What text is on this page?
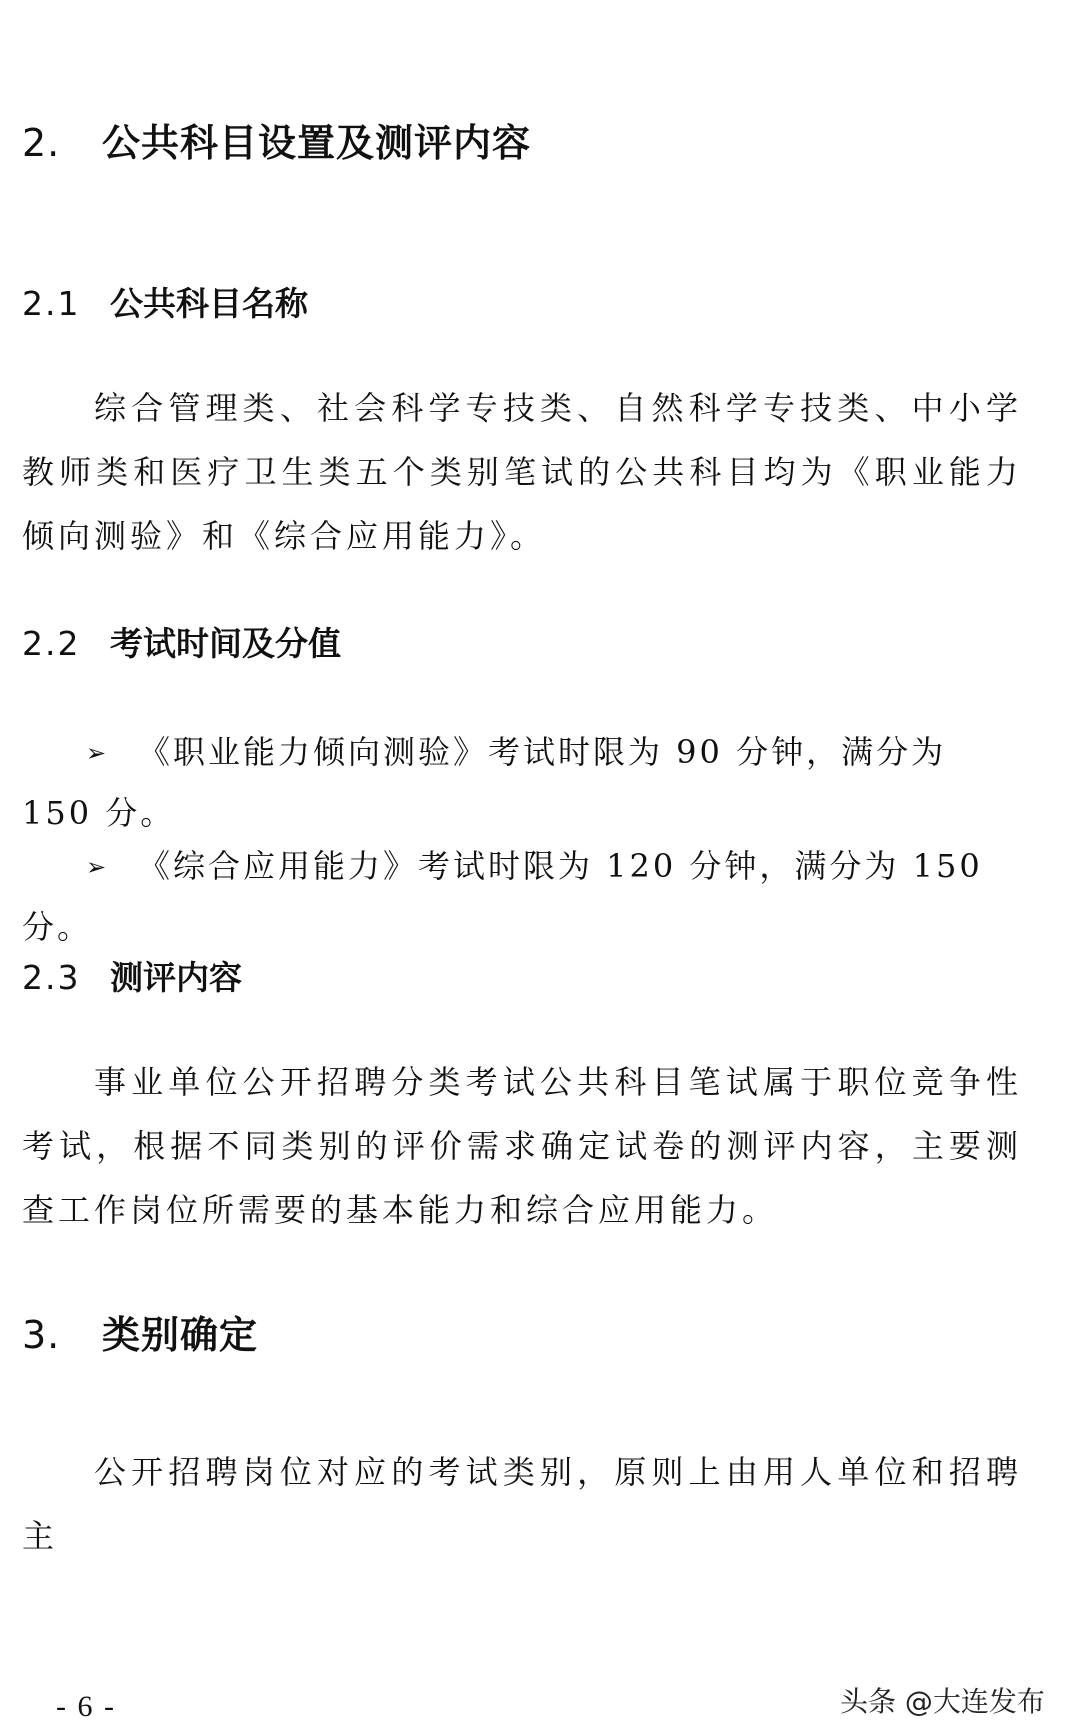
2. 公共科目设置及测评内容
2.1 公共科目名称

综合管理类、社会科学专技类、自然科学专技类、中小学教师类和医疗卫生类五个类别笔试的公共科目均为《职业能力倾向测验》和《综合应用能力》。

2.2 考试时间及分值
➢ 《职业能力倾向测验》考试时限为 90 分钟，满分为 150 分。
➢ 《综合应用能力》考试时限为 120 分钟，满分为 150 分。
2.3 测评内容

事业单位公开招聘分类考试公共科目笔试属于职位竞争性考试，根据不同类别的评价需求确定试卷的测评内容，主要测查工作岗位所需要的基本能力和综合应用能力。

3. 类别确定

公开招聘岗位对应的考试类别，原则上由用人单位和招聘主

- 6 -	头条 @大连发布
